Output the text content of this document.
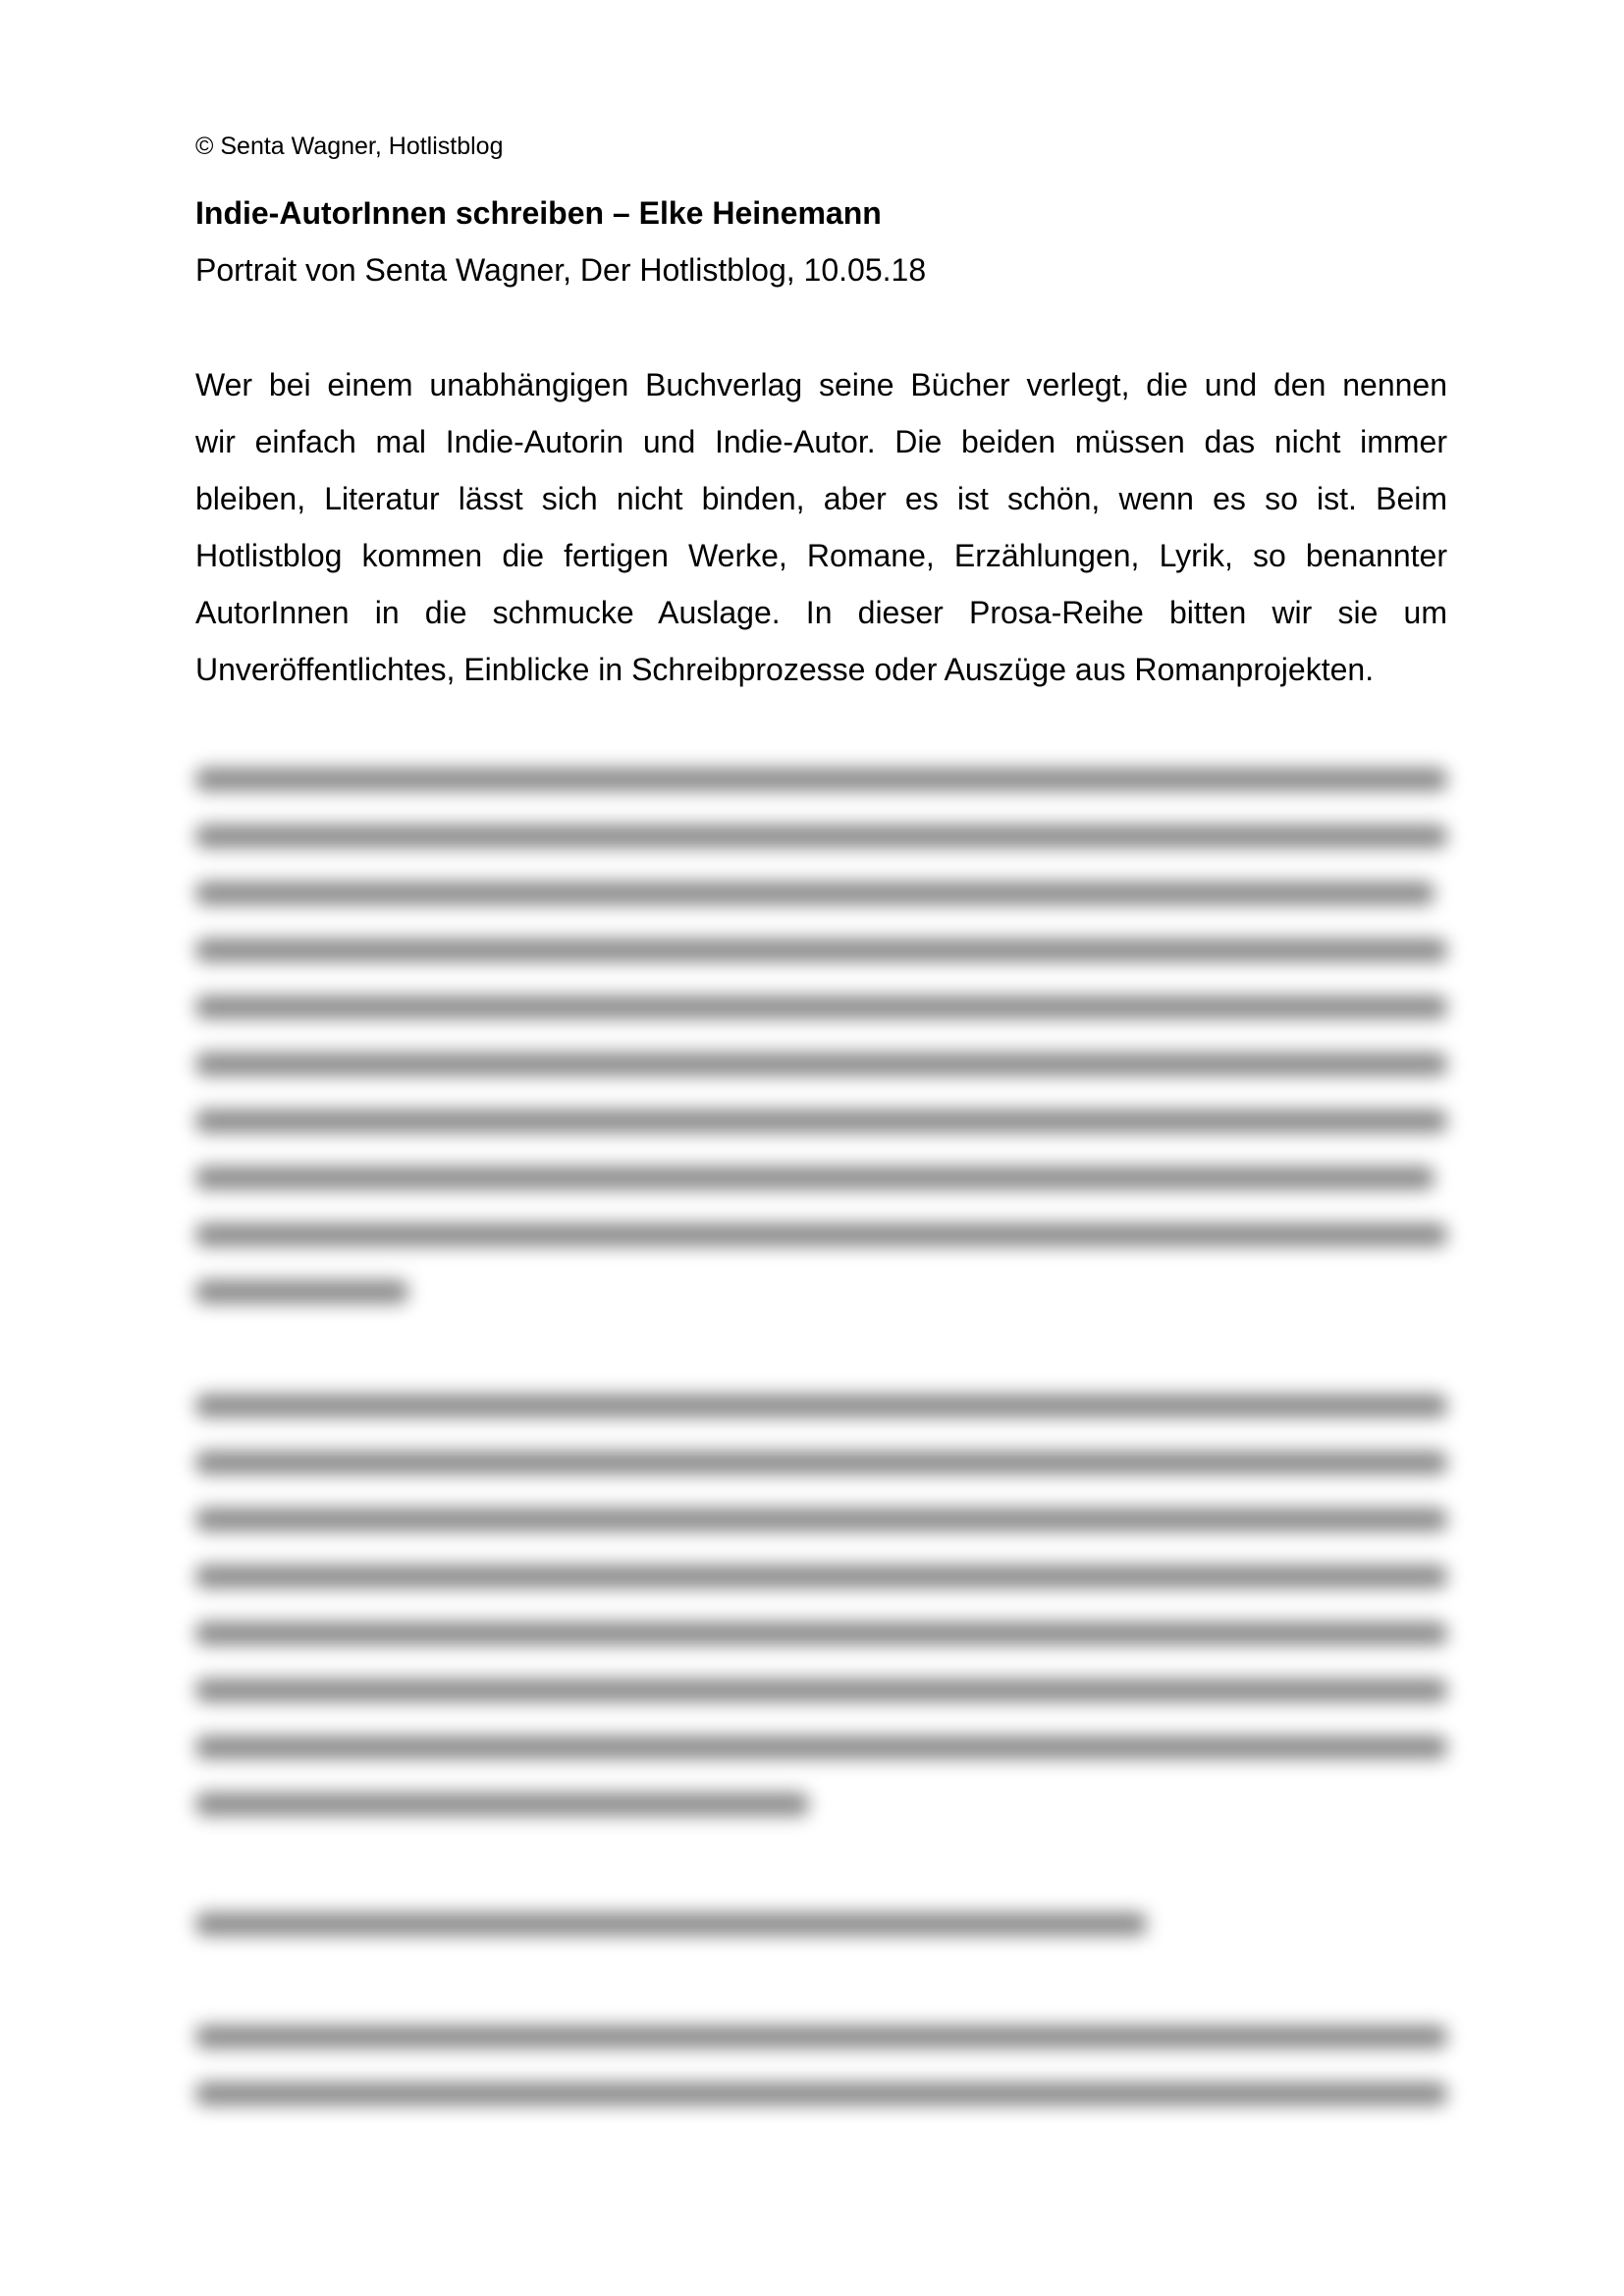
© Senta Wagner, Hotlistblog
Indie-AutorInnen schreiben – Elke Heinemann
Portrait von Senta Wagner, Der Hotlistblog, 10.05.18
Wer bei einem unabhängigen Buchverlag seine Bücher verlegt, die und den nennen
wir einfach mal Indie-Autorin und Indie-Autor. Die beiden müssen das nicht immer
bleiben, Literatur lässt sich nicht binden, aber es ist schön, wenn es so ist. Beim
Hotlistblog kommen die fertigen Werke, Romane, Erzählungen, Lyrik, so benannter
AutorInnen in die schmucke Auslage. In dieser Prosa-Reihe bitten wir sie um
Unveröffentlichtes, Einblicke in Schreibprozesse oder Auszüge aus Romanprojekten.
